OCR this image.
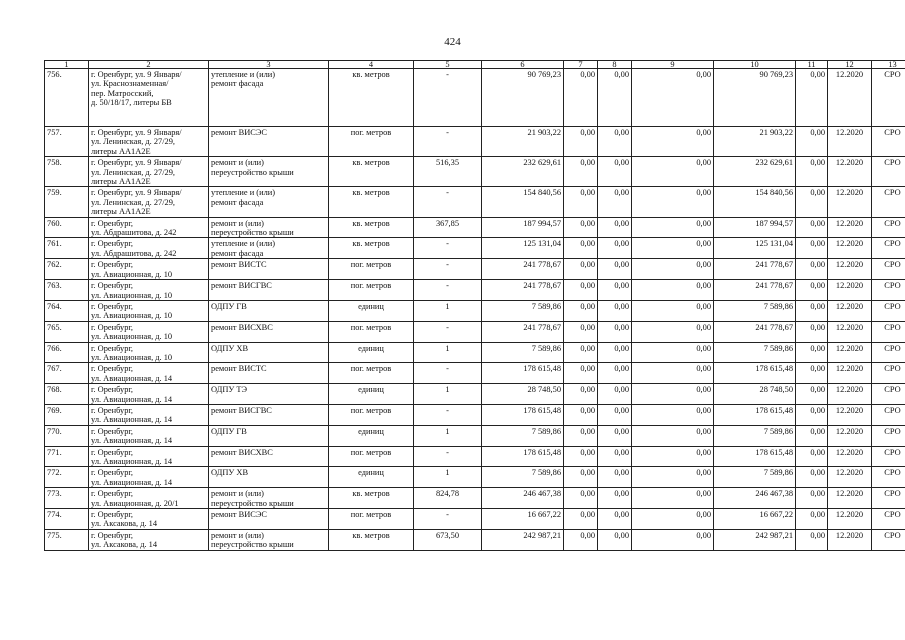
424
1	2	3	4	5	6	7	8	9	10	11	12	13
756.	г. Оренбург, ул. 9 Января/
ул. Краснознаменная/
пер. Матросский,
д. 50/18/17, литеры БВ	утепление и (или)
ремонт фасада	кв. метров	-	90 769,23	0,00	0,00	0,00	90 769,23	0,00	12.2020	СРО
757.	г. Оренбург, ул. 9 Января/
ул. Ленинская, д. 27/29,
литеры АА1А2Е	ремонт ВИСЭС	пог. метров	-	21 903,22	0,00	0,00	0,00	21 903,22	0,00	12.2020	СРО
758.	г. Оренбург, ул. 9 Января/
ул. Ленинская, д. 27/29,
литеры АА1А2Е	ремонт и (или)
переустройство крыши	кв. метров	516,35	232 629,61	0,00	0,00	0,00	232 629,61	0,00	12.2020	СРО
759.	г. Оренбург, ул. 9 Января/
ул. Ленинская, д. 27/29,
литеры АА1А2Е	утепление и (или)
ремонт фасада	кв. метров	-	154 840,56	0,00	0,00	0,00	154 840,56	0,00	12.2020	СРО
760.	г. Оренбург,
ул. Абдрашитова, д. 242	ремонт и (или)
переустройство крыши	кв. метров	367,85	187 994,57	0,00	0,00	0,00	187 994,57	0,00	12.2020	СРО
761.	г. Оренбург,
ул. Абдрашитова, д. 242	утепление и (или)
ремонт фасада	кв. метров	-	125 131,04	0,00	0,00	0,00	125 131,04	0,00	12.2020	СРО
762.	г. Оренбург,
ул. Авиационная, д. 10	ремонт ВИСТС	пог. метров	-	241 778,67	0,00	0,00	0,00	241 778,67	0,00	12.2020	СРО
763.	г. Оренбург,
ул. Авиационная, д. 10	ремонт ВИСГВС	пог. метров	-	241 778,67	0,00	0,00	0,00	241 778,67	0,00	12.2020	СРО
764.	г. Оренбург,
ул. Авиационная, д. 10	ОДПУ ГВ	единиц	1	7 589,86	0,00	0,00	0,00	7 589,86	0,00	12.2020	СРО
765.	г. Оренбург,
ул. Авиационная, д. 10	ремонт ВИСХВС	пог. метров	-	241 778,67	0,00	0,00	0,00	241 778,67	0,00	12.2020	СРО
766.	г. Оренбург,
ул. Авиационная, д. 10	ОДПУ ХВ	единиц	1	7 589,86	0,00	0,00	0,00	7 589,86	0,00	12.2020	СРО
767.	г. Оренбург,
ул. Авиационная, д. 14	ремонт ВИСТС	пог. метров	-	178 615,48	0,00	0,00	0,00	178 615,48	0,00	12.2020	СРО
768.	г. Оренбург,
ул. Авиационная, д. 14	ОДПУ ТЭ	единиц	1	28 748,50	0,00	0,00	0,00	28 748,50	0,00	12.2020	СРО
769.	г. Оренбург,
ул. Авиационная, д. 14	ремонт ВИСГВС	пог. метров	-	178 615,48	0,00	0,00	0,00	178 615,48	0,00	12.2020	СРО
770.	г. Оренбург,
ул. Авиационная, д. 14	ОДПУ ГВ	единиц	1	7 589,86	0,00	0,00	0,00	7 589,86	0,00	12.2020	СРО
771.	г. Оренбург,
ул. Авиационная, д. 14	ремонт ВИСХВС	пог. метров	-	178 615,48	0,00	0,00	0,00	178 615,48	0,00	12.2020	СРО
772.	г. Оренбург,
ул. Авиационная, д. 14	ОДПУ ХВ	единиц	1	7 589,86	0,00	0,00	0,00	7 589,86	0,00	12.2020	СРО
773.	г. Оренбург,
ул. Авиационная, д. 20/1	ремонт и (или)
переустройство крыши	кв. метров	824,78	246 467,38	0,00	0,00	0,00	246 467,38	0,00	12.2020	СРО
774.	г. Оренбург,
ул. Аксакова, д. 14	ремонт ВИСЭС	пог. метров	-	16 667,22	0,00	0,00	0,00	16 667,22	0,00	12.2020	СРО
775.	г. Оренбург,
ул. Аксакова, д. 14	ремонт и (или)
переустройство крыши	кв. метров	673,50	242 987,21	0,00	0,00	0,00	242 987,21	0,00	12.2020	СРО
